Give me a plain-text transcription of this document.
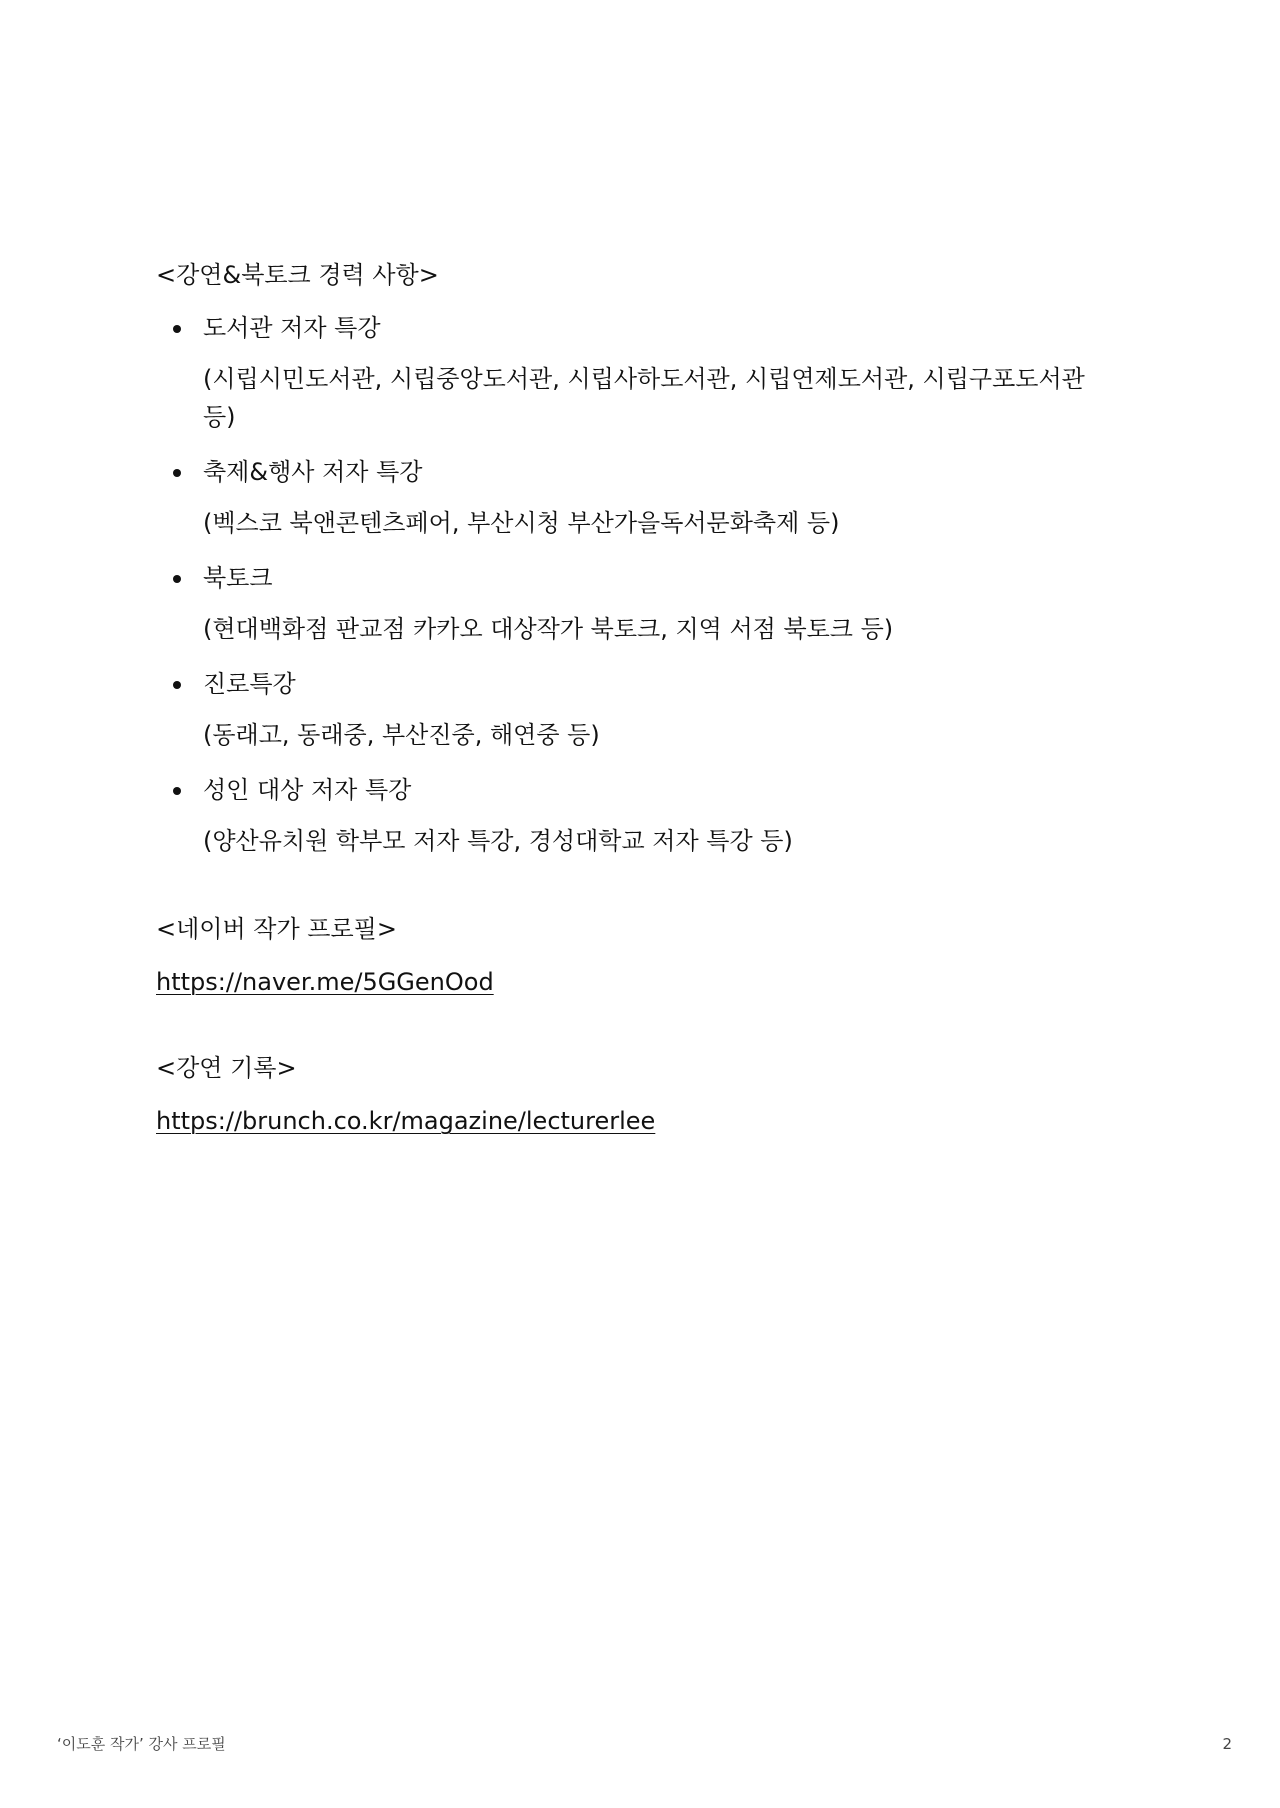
<강연&북토크 경력 사항>
도서관 저자 특강
(시립시민도서관, 시립중앙도서관, 시립사하도서관, 시립연제도서관, 시립구포도서관 등)
축제&행사 저자 특강
(벡스코 북앤콘텐츠페어, 부산시청 부산가을독서문화축제 등)
북토크
(현대백화점 판교점 카카오 대상작가 북토크, 지역 서점 북토크 등)
진로특강
(동래고, 동래중, 부산진중, 해연중 등)
성인 대상 저자 특강
(양산유치원 학부모 저자 특강, 경성대학교 저자 특강 등)
<네이버 작가 프로필>
https://naver.me/5GGenOod
<강연 기록>
https://brunch.co.kr/magazine/lecturerlee
‘이도훈 작가’ 강사 프로필	2
